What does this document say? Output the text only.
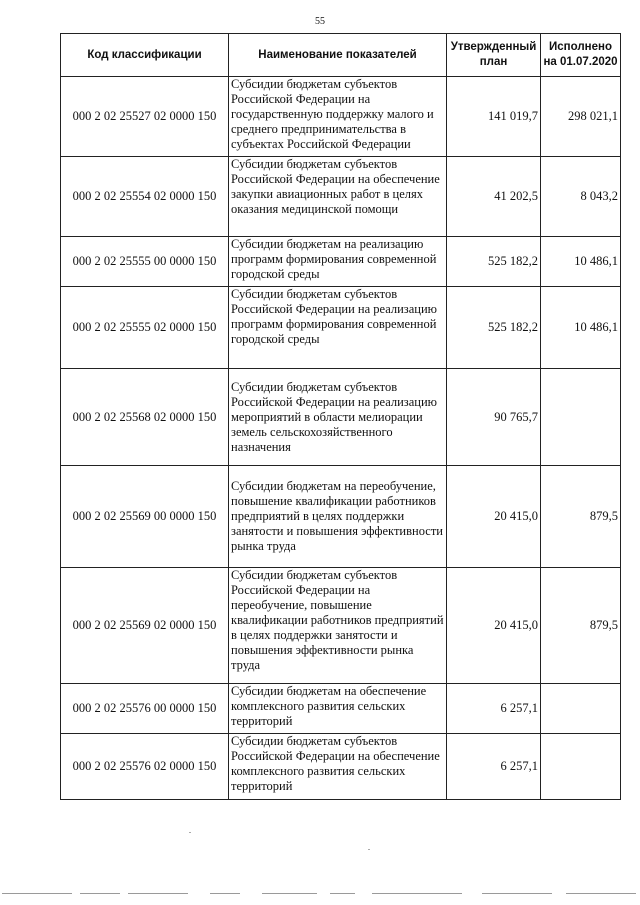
55
Код классификации	Наименование показателей	Утвержденный план	Исполнено на 01.07.2020
000 2 02 25527 02 0000 150	Субсидии бюджетам субъектов Российской Федерации на государственную поддержку малого и среднего предпринимательства в субъектах Российской Федерации	141 019,7	298 021,1
000 2 02 25554 02 0000 150	Субсидии бюджетам субъектов Российской Федерации на обеспечение закупки авиационных работ в целях оказания медицинской помощи	41 202,5	8 043,2
000 2 02 25555 00 0000 150	Субсидии бюджетам на реализацию программ формирования современной городской среды	525 182,2	10 486,1
000 2 02 25555 02 0000 150	Субсидии бюджетам субъектов Российской Федерации на реализацию программ формирования современной городской среды	525 182,2	10 486,1
000 2 02 25568 02 0000 150	Субсидии бюджетам субъектов Российской Федерации на реализацию мероприятий в области мелиорации земель сельскохозяйственного назначения	90 765,7	
000 2 02 25569 00 0000 150	Субсидии бюджетам на переобучение, повышение квалификации работников предприятий в целях поддержки занятости и повышения эффективности рынка труда	20 415,0	879,5
000 2 02 25569 02 0000 150	Субсидии бюджетам субъектов Российской Федерации на переобучение, повышение квалификации работников предприятий в целях поддержки занятости и повышения эффективности рынка труда	20 415,0	879,5
000 2 02 25576 00 0000 150	Субсидии бюджетам на обеспечение комплексного развития сельских территорий	6 257,1	
000 2 02 25576 02 0000 150	Субсидии бюджетам субъектов Российской Федерации на обеспечение комплексного развития сельских территорий	6 257,1	
